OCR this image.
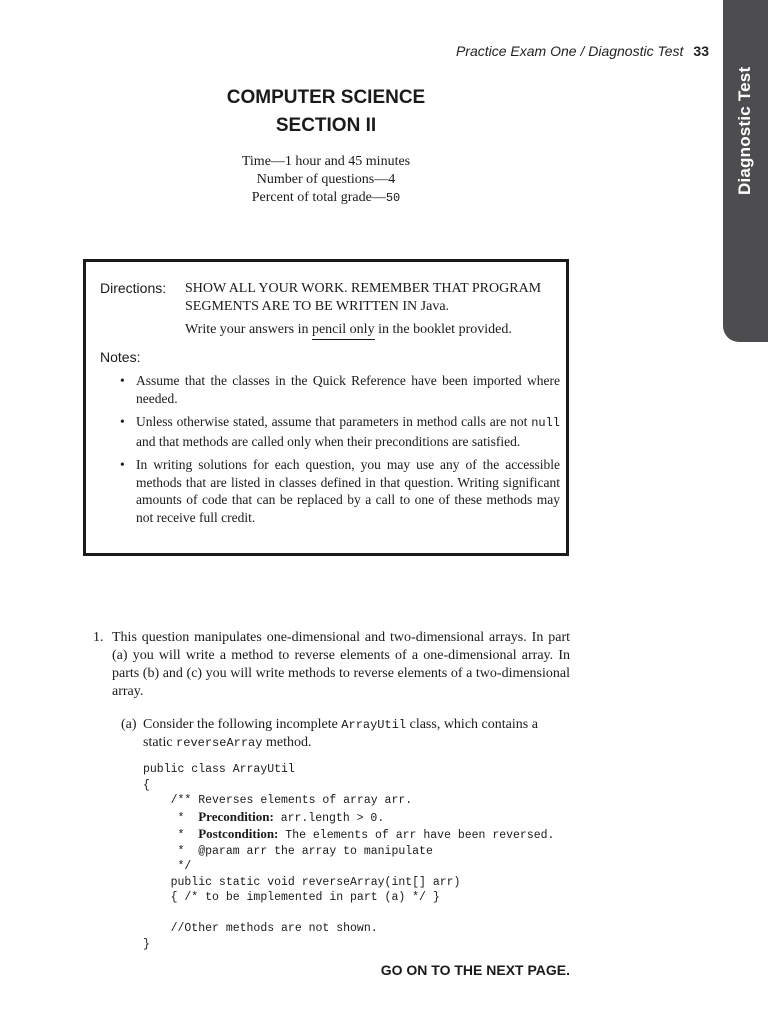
Diagnostic Test
Practice Exam One / Diagnostic Test 33
COMPUTER SCIENCE
SECTION II
Time—1 hour and 45 minutes
Number of questions—4
Percent of total grade—50
Directions: SHOW ALL YOUR WORK. REMEMBER THAT PROGRAM SEGMENTS ARE TO BE WRITTEN IN Java.
Write your answers in pencil only in the booklet provided.
Notes:
• Assume that the classes in the Quick Reference have been imported where needed.
• Unless otherwise stated, assume that parameters in method calls are not null and that methods are called only when their preconditions are satisfied.
• In writing solutions for each question, you may use any of the accessible methods that are listed in classes defined in that question. Writing significant amounts of code that can be replaced by a call to one of these methods may not receive full credit.
1. This question manipulates one-dimensional and two-dimensional arrays. In part (a) you will write a method to reverse elements of a one-dimensional array. In parts (b) and (c) you will write methods to reverse elements of a two-dimensional array.
(a) Consider the following incomplete ArrayUtil class, which contains a static reverseArray method.
public class ArrayUtil
{
/** Reverses elements of array arr.
*  Precondition: arr.length > 0.
*  Postcondition: The elements of arr have been reversed.
*  @param arr the array to manipulate
*/
public static void reverseArray(int[] arr)
{ /* to be implemented in part (a) */ }

//Other methods are not shown.
}
GO ON TO THE NEXT PAGE.
